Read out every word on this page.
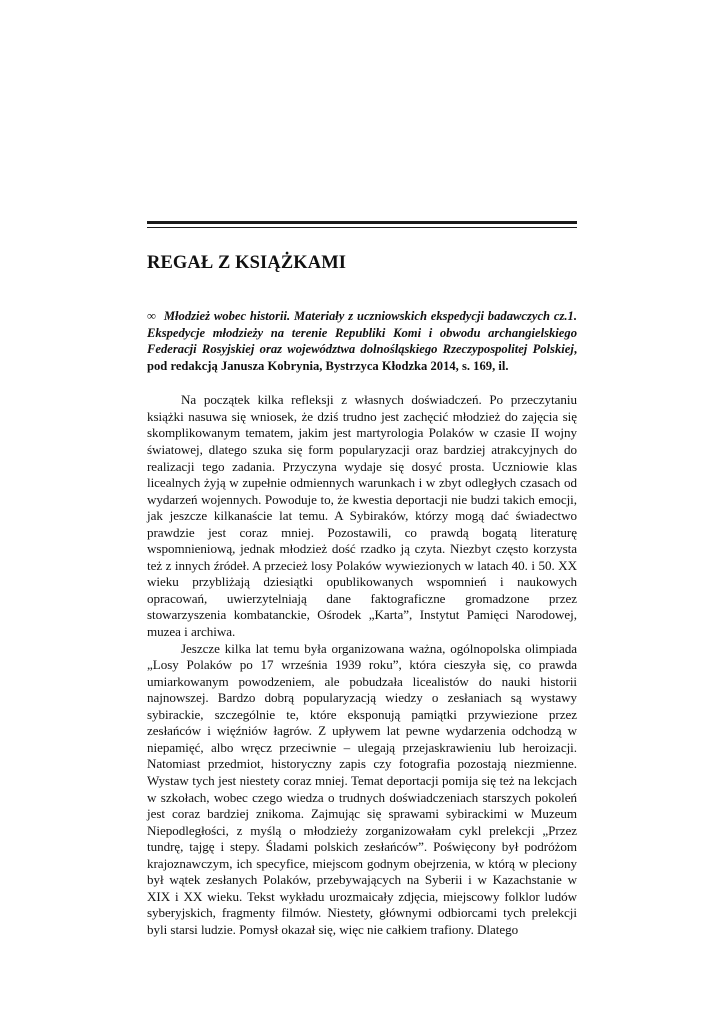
REGAŁ Z KSIĄŻKAMI
∞ Młodzież wobec historii. Materiały z uczniowskich ekspedycji badawczych cz.1. Ekspedycje młodzieży na terenie Republiki Komi i obwodu archangielskiego Federacji Rosyjskiej oraz województwa dolnośląskiego Rzeczypospolitej Polskiej, pod redakcją Janusza Kobrynia, Bystrzyca Kłodzka 2014, s. 169, il.

Na początek kilka refleksji z własnych doświadczeń. Po przeczytaniu książki nasuwa się wniosek, że dziś trudno jest zachęcić młodzież do zajęcia się skomplikowanym tematem, jakim jest martyrologia Polaków w czasie II wojny światowej, dlatego szuka się form popularyzacji oraz bardziej atrakcyjnych do realizacji tego zadania. Przyczyna wydaje się dosyć prosta. Uczniowie klas licealnych żyją w zupełnie odmiennych warunkach i w zbyt odległych czasach od wydarzeń wojennych. Powoduje to, że kwestia deportacji nie budzi takich emocji, jak jeszcze kilkanaście lat temu. A Sybiraków, którzy mogą dać świadectwo prawdzie jest coraz mniej. Pozostawili, co prawdą bogatą literaturę wspomnieniową, jednak młodzież dość rzadko ją czyta. Niezbyt często korzysta też z innych źródeł. A przecież losy Polaków wywiezionych w latach 40. i 50. XX wieku przybliżają dziesiątki opublikowanych wspomnień i naukowych opracowań, uwierzytelniają dane faktograficzne gromadzone przez stowarzyszenia kombatanckie, Ośrodek „Karta”, Instytut Pamięci Narodowej, muzea i archiwa.

Jeszcze kilka lat temu była organizowana ważna, ogólnopolska olimpiada „Losy Polaków po 17 września 1939 roku”, która cieszyła się, co prawda umiarkowanym powodzeniem, ale pobudzała licealistów do nauki historii najnowszej. Bardzo dobrą popularyzacją wiedzy o zesłaniach są wystawy sybirackie, szczególnie te, które eksponują pamiątki przywiezione przez zesłańców i więźniów łagrów. Z upływem lat pewne wydarzenia odchodzą w niepamięć, albo wręcz przeciwnie – ulegają przejaskrawieniu lub heroizacji. Natomiast przedmiot, historyczny zapis czy fotografia pozostają niezmienne. Wystaw tych jest niestety coraz mniej. Temat deportacji pomija się też na lekcjach w szkołach, wobec czego wiedza o trudnych doświadczeniach starszych pokoleń jest coraz bardziej znikoma. Zajmując się sprawami sybirackimi w Muzeum Niepodległości, z myślą o młodzieży zorganizowałam cykl prelekcji „Przez tundrę, tajgę i stepy. Śladami polskich zesłańców”. Poświęcony był podróżom krajoznawczym, ich specyfice, miejscom godnym obejrzenia, w którą w pleciony był wątek zesłanych Polaków, przebywających na Syberii i w Kazachstanie w XIX i XX wieku. Tekst wykładu urozmaicały zdjęcia, miejscowy folklor ludów syberyjskich, fragmenty filmów. Niestety, głównymi odbiorcami tych prelekcji byli starsi ludzie. Pomysł okazał się, więc nie całkiem trafiony. Dlatego
